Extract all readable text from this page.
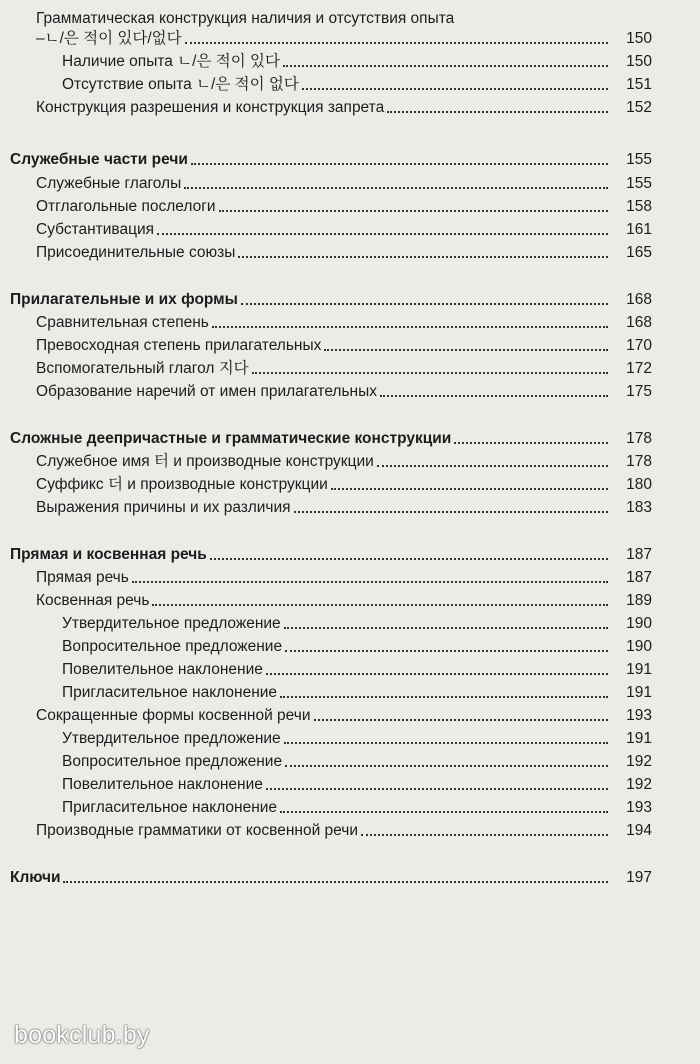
Грамматическая конструкция наличия и отсутствия опыта
–ㄴ/은 적이 있다/없다	150
Наличие опыта ㄴ/은 적이 있다	150
Отсутствие опыта ㄴ/은 적이 없다	151
Конструкция разрешения и конструкция запрета	152
Служебные части речи	155
Служебные глаголы	155
Отглагольные послелоги	158
Субстантивация	161
Присоединительные союзы	165
Прилагательные и их формы	168
Сравнительная степень	168
Превосходная степень прилагательных	170
Вспомогательный глагол 지다	172
Образование наречий от имен прилагательных	175
Сложные деепричастные и грамматические конструкции	178
Служебное имя 터 и производные конструкции	178
Суффикс 더 и производные конструкции	180
Выражения причины и их различия	183
Прямая и косвенная речь	187
Прямая речь	187
Косвенная речь	189
Утвердительное предложение	190
Вопросительное предложение	190
Повелительное наклонение	191
Пригласительное наклонение	191
Сокращенные формы косвенной речи	193
Утвердительное предложение	191
Вопросительное предложение	192
Повелительное наклонение	192
Пригласительное наклонение	193
Производные грамматики от косвенной речи	194
Ключи	197
bookclub.by
